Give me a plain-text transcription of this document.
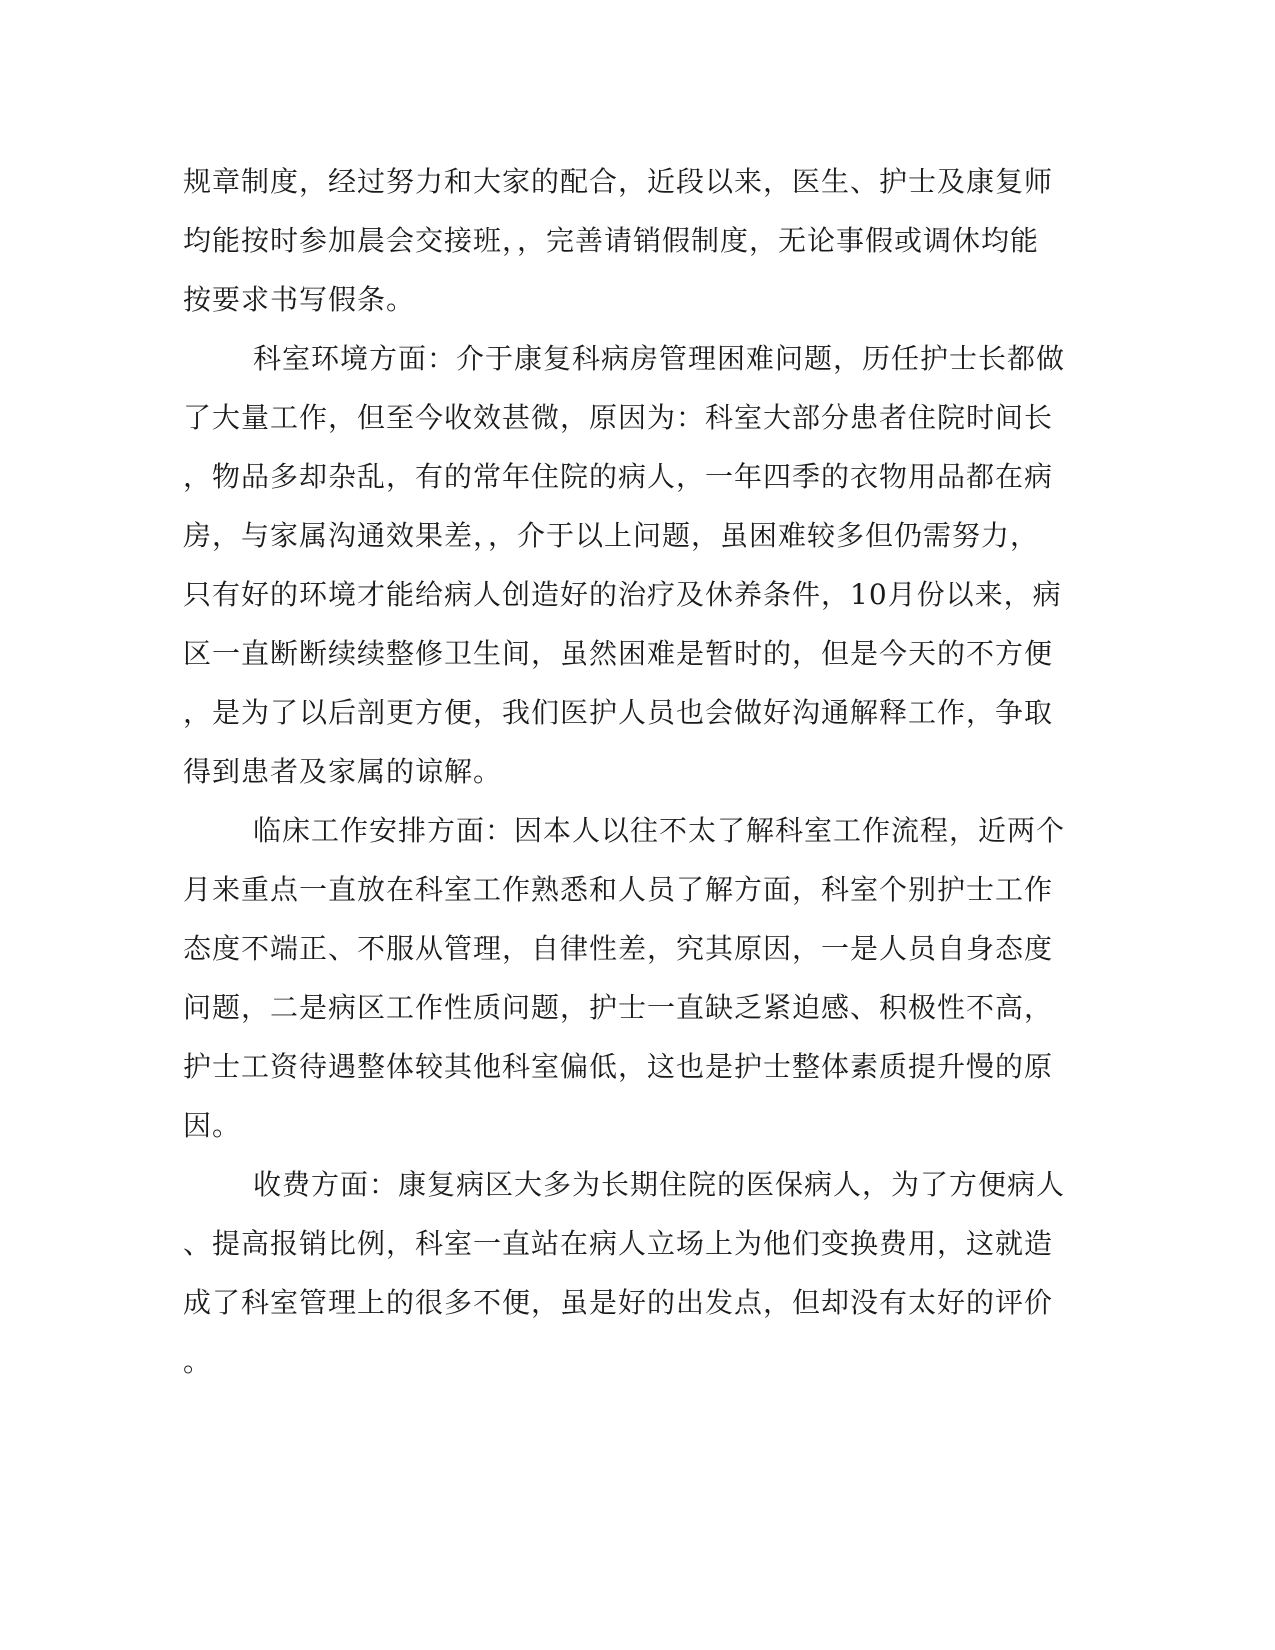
规章制度，经过努力和大家的配合，近段以来，医生、护士及康复师
均能按时参加晨会交接班，，完善请销假制度，无论事假或调休均能
按要求书写假条。
科室环境方面：介于康复科病房管理困难问题，历任护士长都做
了大量工作，但至今收效甚微，原因为：科室大部分患者住院时间长
，物品多却杂乱，有的常年住院的病人，一年四季的衣物用品都在病
房，与家属沟通效果差，，介于以上问题，虽困难较多但仍需努力，
只有好的环境才能给病人创造好的治疗及休养条件，10月份以来，病
区一直断断续续整修卫生间，虽然困难是暂时的，但是今天的不方便
，是为了以后剖更方便，我们医护人员也会做好沟通解释工作，争取
得到患者及家属的谅解。
临床工作安排方面：因本人以往不太了解科室工作流程，近两个
月来重点一直放在科室工作熟悉和人员了解方面，科室个别护士工作
态度不端正、不服从管理，自律性差，究其原因，一是人员自身态度
问题，二是病区工作性质问题，护士一直缺乏紧迫感、积极性不高，
护士工资待遇整体较其他科室偏低，这也是护士整体素质提升慢的原
因。
收费方面：康复病区大多为长期住院的医保病人，为了方便病人
、提高报销比例，科室一直站在病人立场上为他们变换费用，这就造
成了科室管理上的很多不便，虽是好的出发点，但却没有太好的评价
。
